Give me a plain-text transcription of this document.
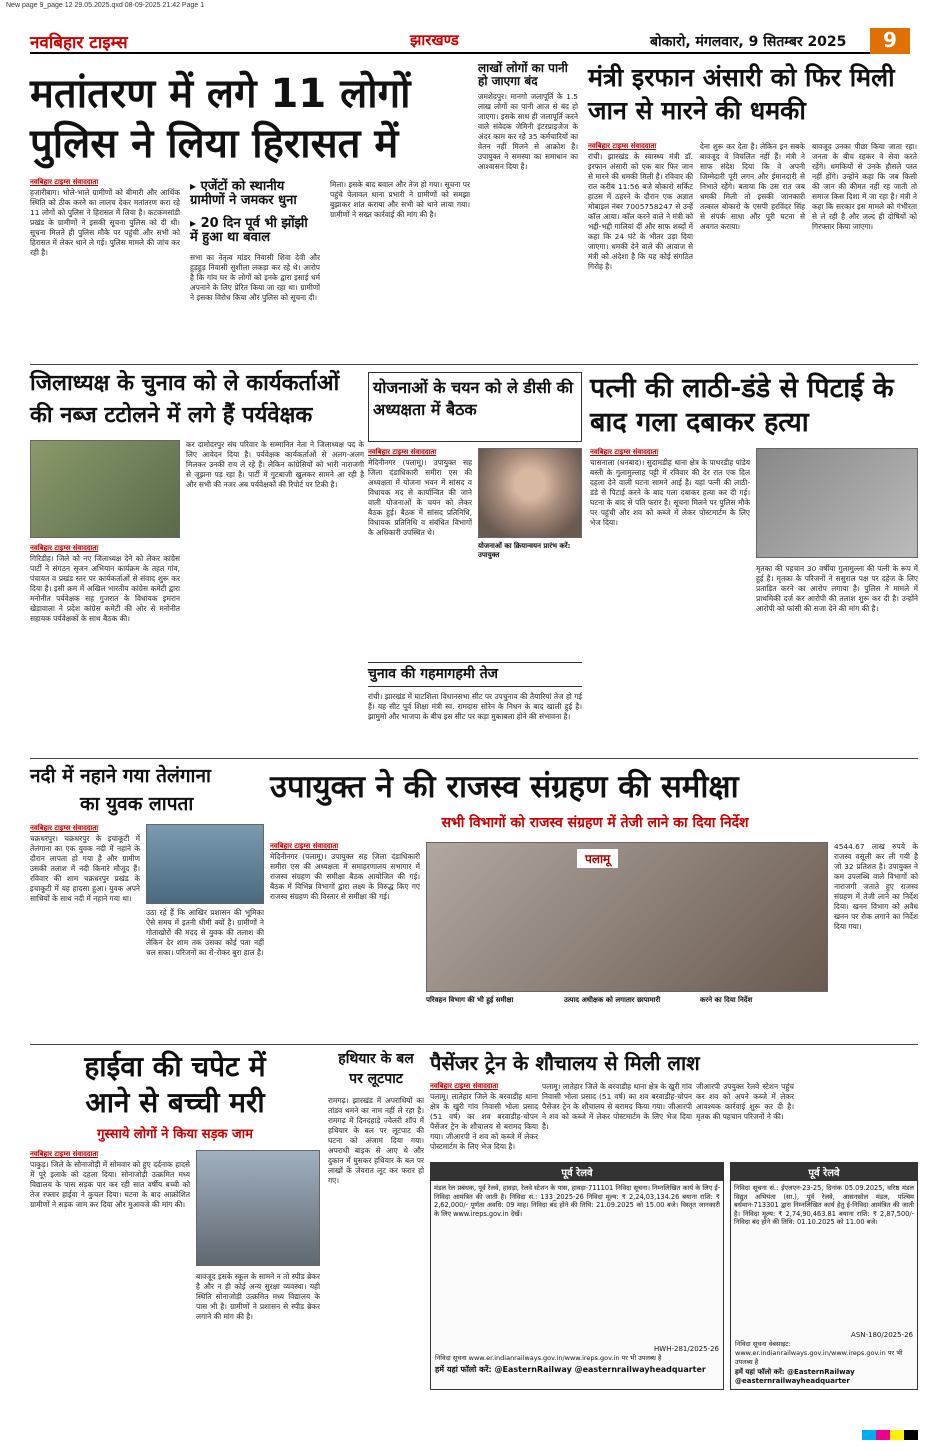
New page 9_page 12 29.05.2025.qxd 08-09-2025 21:42 Page 1
नवबिहार टाइम्स	झारखण्ड	बोकारो, मंगलवार, 9 सितम्बर 2025	9
मतांतरण में लगे 11 लोगों
पुलिस ने लिया हिरासत में
नवबिहार टाइम्स संवाददाता
हजारीबाग। भोले-भाले ग्रामीणों को बीमारी और आर्थिक स्थिति को ठीक करने का लालच देकर मतांतरण करा रहे 11 लोगों को पुलिस ने हिरासत में लिया है। कटकमसांडी प्रखंड के ग्रामीणों ने इसकी सूचना पुलिस को दी थी। सूचना मिलते ही पुलिस मौके पर पहुंची और सभी को हिरासत में लेकर थाने ले गई। पुलिस मामले की जांच कर रही है।
▸ एजेंटों को स्थानीय ग्रामीणों ने जमकर धुना
▸ 20 दिन पूर्व भी झोंझी में हुआ था बवाल
सभा का नेतृत्व मांडर निवासी शिवा देवी और हुड़हुड़ निवासी सुशीला लकड़ा कर रहे थे। आरोप है कि गांव घर के लोगों को इनके द्वारा इसाई धर्म अपनाने के लिए प्रेरित किया जा रहा था। ग्रामीणों ने इसका विरोध किया और पुलिस को सूचना दी।
मिला। इसके बाद बवाल और तेज हो गया। सूचना पर पहुंचे पेलावल थाना प्रभारी ने ग्रामीणों को समझा बुझाकर शांत कराया और सभी को थाने लाया गया। ग्रामीणों ने सख्त कार्रवाई की मांग की है।
लाखों लोगों का पानी हो जाएगा बंद
जमशेदपुर। मानगो जलापूर्ति के 1.5 लाख लोगों का पानी आज से बंद हो जाएगा। इसके साथ ही जलापूर्ति करने वाले संवेदक जेमिनी इंटरप्राइजेज के अंदर काम कर रहे 35 कर्मचारियों का वेतन नहीं मिलने से आक्रोश है। उपायुक्त ने समस्या का समाधान का आश्वासन दिया है।
मंत्री इरफान अंसारी को फिर मिली जान से मारने की धमकी
नवबिहार टाइम्स संवाददाता
रांची। झारखंड के स्वास्थ्य मंत्री डॉ. इरफान अंसारी को एक बार फिर जान से मारने की धमकी मिली है। रविवार की रात करीब 11:56 बजे बोकारो सर्किट हाउस में ठहरने के दौरान एक अज्ञात मोबाइल नंबर 7005758247 से उन्हें कॉल आया। कॉल करने वाले ने मंत्री को भद्दी-भद्दी गालियां दीं और साफ शब्दों में कहा कि 24 घंटे के भीतर उड़ा दिया जाएगा। धमकी देने वाले की आवाज से मंत्री को अंदेशा है कि यह कोई संगठित गिरोह है।
देना शुरू कर देता है। लेकिन इन सबके बावजूद वे विचलित नहीं हैं। मंत्री ने साफ संदेश दिया कि वे अपनी जिम्मेदारी पूरी लगन और ईमानदारी से निभाते रहेंगे। बताया कि उस रात जब धमकी मिली तो इसकी जानकारी तत्काल बोकारो के एसपी हरविंदर सिंह से संपर्क साधा और पूरी घटना से अवगत कराया।
बावजूद उनका पीछा किया जाता रहा। जनता के बीच रहकर वे सेवा करते रहेंगे। धमकियों से उनके हौसले पस्त नहीं होंगे। उन्होंने कहा कि जब किसी की जान की कीमत नहीं रह जाती तो समाज किस दिशा में जा रहा है। मंत्री ने कहा कि सरकार इस मामले को गंभीरता से ले रही है और जल्द ही दोषियों को गिरफ्तार किया जाएगा।
जिलाध्यक्ष के चुनाव को ले कार्यकर्ताओं
की नब्ज टटोलने में लगे हैं पर्यवेक्षक
नवबिहार टाइम्स संवाददाता
गिरिडीह। जिले को नए जिलाध्यक्ष देने को लेकर कांग्रेस पार्टी ने संगठन सृजन अभियान कार्यक्रम के तहत गांव, पंचायत व प्रखंड स्तर पर कार्यकर्ताओं से संवाद शुरू कर दिया है। इसी क्रम में अखिल भारतीय कांग्रेस कमेटी द्वारा मनोनीत पर्यवेक्षक सह गुजरात के विधायक इमरान खेड़ावाला ने प्रदेश कांग्रेस कमेटी की ओर से मनोनीत सहायक पर्यवेक्षकों के साथ बैठक की।
कर दामोदरपुर संघ परिवार के सम्मानित नेता ने जिलाध्यक्ष पद के लिए आवेदन दिया है। पर्यवेक्षक कार्यकर्ताओं से अलग-अलग मिलकर उनकी राय ले रहे हैं। लेकिन कांग्रेसियों को भारी नाराजगी से जूझना पड़ रहा है। पार्टी में गुटबाजी खुलकर सामने आ रही है और सभी की नजर अब पर्यवेक्षकों की रिपोर्ट पर टिकी है।
योजनाओं के चयन को ले डीसी की अध्यक्षता में बैठक
नवबिहार टाइम्स संवाददाता
मेदिनीनगर (पलामू)। उपायुक्त सह जिला दंडाधिकारी समीरा एस की अध्यक्षता में योजना भवन में सांसद व विधायक मद से कार्यान्वित की जाने वाली योजनाओं के चयन को लेकर बैठक हुई। बैठक में सांसद प्रतिनिधि, विधायक प्रतिनिधि व संबंधित विभागों के अधिकारी उपस्थित थे।
योजनाओं का क्रियान्वयन प्रारंभ करें: उपायुक्त
चुनाव की गहमागहमी तेज
रांची। झारखंड में घाटशिला विधानसभा सीट पर उपचुनाव की तैयारियां तेज हो गई हैं। यह सीट पूर्व शिक्षा मंत्री स्व. रामदास सोरेन के निधन के बाद खाली हुई है। झामुमो और भाजपा के बीच इस सीट पर कड़ा मुकाबला होने की संभावना है।
पत्नी की लाठी-डंडे से पिटाई के बाद गला दबाकर हत्या
नवबिहार टाइम्स संवाददाता
चासनाला (धनबाद)। सुदामडीह थाना क्षेत्र के पाथरडीह पांडेय बस्ती के गुलामुल्लाह पट्टी में रविवार की देर रात एक दिल दहला देने वाली घटना सामने आई है। यहां पत्नी की लाठी-डंडे से पिटाई करने के बाद गला दबाकर हत्या कर दी गई। घटना के बाद से पति फरार है। सूचना मिलने पर पुलिस मौके पर पहुंची और शव को कब्जे में लेकर पोस्टमार्टम के लिए भेज दिया।
मृतका की पहचान 30 वर्षीया गुलामुल्ला की पत्नी के रूप में हुई है। मृतका के परिजनों ने ससुराल पक्ष पर दहेज के लिए प्रताड़ित करने का आरोप लगाया है। पुलिस ने मामले में प्राथमिकी दर्ज कर आरोपी की तलाश शुरू कर दी है। उन्होंने आरोपी को फांसी की सजा देने की मांग की है।
नदी में नहाने गया तेलंगाना
का युवक लापता
नवबिहार टाइम्स संवाददाता
चक्रधरपुर। चक्रधरपुर के इचाकूटी में तेलंगाना का एक युवक नदी में नहाने के दौरान लापता हो गया है और ग्रामीण उसकी तलाश में नदी किनारे मौजूद हैं। रविवार की शाम चक्रधरपुर प्रखंड के इचाकूटी में यह हादसा हुआ। युवक अपने साथियों के साथ नदी में नहाने गया था।
उठा रहे हैं कि आखिर प्रशासन की भूमिका ऐसे समय में इतनी धीमी क्यों है। ग्रामीणों ने गोताखोरों की मदद से युवक की तलाश की लेकिन देर शाम तक उसका कोई पता नहीं चल सका। परिजनों का रो-रोकर बुरा हाल है।
उपायुक्त ने की राजस्व संग्रहण की समीक्षा
सभी विभागों को राजस्व संग्रहण में तेजी लाने का दिया निर्देश
नवबिहार टाइम्स संवाददाता
मेदिनीनगर (पलामू)। उपायुक्त सह जिला दंडाधिकारी समीरा एस की अध्यक्षता में समाहरणालय सभागार में राजस्व संग्रहण की समीक्षा बैठक आयोजित की गई। बैठक में विभिन्न विभागों द्वारा लक्ष्य के विरुद्ध किए गए राजस्व संग्रहण की विस्तार से समीक्षा की गई।
पलामू
परिवहन विभाग की भी हुई समीक्षा	उत्पाद अधीक्षक को लगातार छापामारी	करने का दिया निर्देश
4544.67 लाख रुपये के राजस्व वसूली कर ली गयी है जो 32 प्रतिशत है। उपायुक्त ने कम उपलब्धि वाले विभागों को नाराजगी जताते हुए राजस्व संग्रहण में तेजी लाने का निर्देश दिया। खनन विभाग को अवैध खनन पर रोक लगाने का निर्देश दिया गया।
हाईवा की चपेट में
आने से बच्ची मरी
गुस्साये लोगों ने किया सड़क जाम
नवबिहार टाइम्स संवाददाता
पाकुड़। जिले के सोनाजोड़ी में सोमवार को हुए दर्दनाक हादसे में पूरे इलाके को दहला दिया। सोनाजोड़ी उत्क्रमित मध्य विद्यालय के पास सड़क पार कर रही सात वर्षीय बच्ची को तेज रफ्तार हाईवा ने कुचल दिया। घटना के बाद आक्रोशित ग्रामीणों ने सड़क जाम कर दिया और मुआवजे की मांग की।
बावजूद इसके स्कूल के सामने न तो स्पीड ब्रेकर है और न ही कोई अन्य सुरक्षा व्यवस्था। यही स्थिति सोनाजोड़ी उत्क्रमित मध्य विद्यालय के पास भी है। ग्रामीणों ने प्रशासन से स्पीड ब्रेकर लगाने की मांग की है।
हथियार के बल
पर लूटपाट
रामगढ़। झारखंड में अपराधियों का तांडव थमने का नाम नहीं ले रहा है। रामगढ़ में दिनदहाड़े ज्वेलरी शॉप में हथियार के बल पर लूटपाट की घटना को अंजाम दिया गया। अपराधी बाइक से आए थे और दुकान में घुसकर हथियार के बल पर लाखों के जेवरात लूट कर फरार हो गए।
पैसेंजर ट्रेन के शौचालय से मिली लाश
नवबिहार टाइम्स संवाददाता
पलामू। लातेहार जिले के बरवाडीह थाना क्षेत्र के खुरी गांव निवासी भोला प्रसाद (51 वर्ष) का शव बरवाडीह-चोपन पैसेंजर ट्रेन के शौचालय से बरामद किया गया। जीआरपी ने शव को कब्जे में लेकर पोस्टमार्टम के लिए भेज दिया है।
पलामू। लातेहार जिले के बरवाडीह थाना क्षेत्र के खुरी गांव निवासी भोला प्रसाद (51 वर्ष) का शव बरवाडीह-चोपन पैसेंजर ट्रेन के शौचालय से बरामद किया गया। जीआरपी ने शव को कब्जे में लेकर पोस्टमार्टम के लिए भेज दिया है।
जीआरपी उपयुक्त रेलवे स्टेशन पहुंच कर शव को अपने कब्जे में लेकर आवश्यक कार्रवाई शुरू कर दी है। मृतक की पहचान परिजनों ने की।
पूर्व रेलवे
मंडल रेल प्रबंधक, पूर्व रेलवे, हावड़ा, रेलवे स्टेशन के पास, हावड़ा-711101 निविदा सूचना। निम्नलिखित कार्य के लिए ई-निविदा आमंत्रित की जाती है। निविदा सं.: 133_2025-26 निविदा मूल्य: ₹ 2,24,03,134.26 बयाना राशि: ₹ 2,62,000/- पूर्णता अवधि: 09 माह। निविदा बंद होने की तिथि: 21.09.2025 को 15.00 बजे। विस्तृत जानकारी के लिए www.ireps.gov.in देखें।
HWH-281/2025-26
निविदा सूचना www.er.indianrailways.gov.in/www.ireps.gov.in पर भी उपलब्ध है
हमें यहां फॉलो करें: @EasternRailway @easternrailwayheadquarter
पूर्व रेलवे
निविदा सूचना सं.: ईएलएन-23-25, दिनांक 05.09.2025, वरिष्ठ मंडल विद्युत अभियंता (सा.), पूर्व रेलवे, आसनसोल मंडल, पश्चिम बर्धमान-713301 द्वारा निम्नलिखित कार्य हेतु ई-निविदा आमंत्रित की जाती है। निविदा मूल्य: ₹ 2,74,90,463.81 बयाना राशि: ₹ 2,87,500/- निविदा बंद होने की तिथि: 01.10.2025 को 11.00 बजे।
ASN-180/2025-26
निविदा सूचना वेबसाइट: www.er.indianrailways.gov.in/www.ireps.gov.in पर भी उपलब्ध है
हमें यहां फॉलो करें: @EasternRailway @easternrailwayheadquarter
